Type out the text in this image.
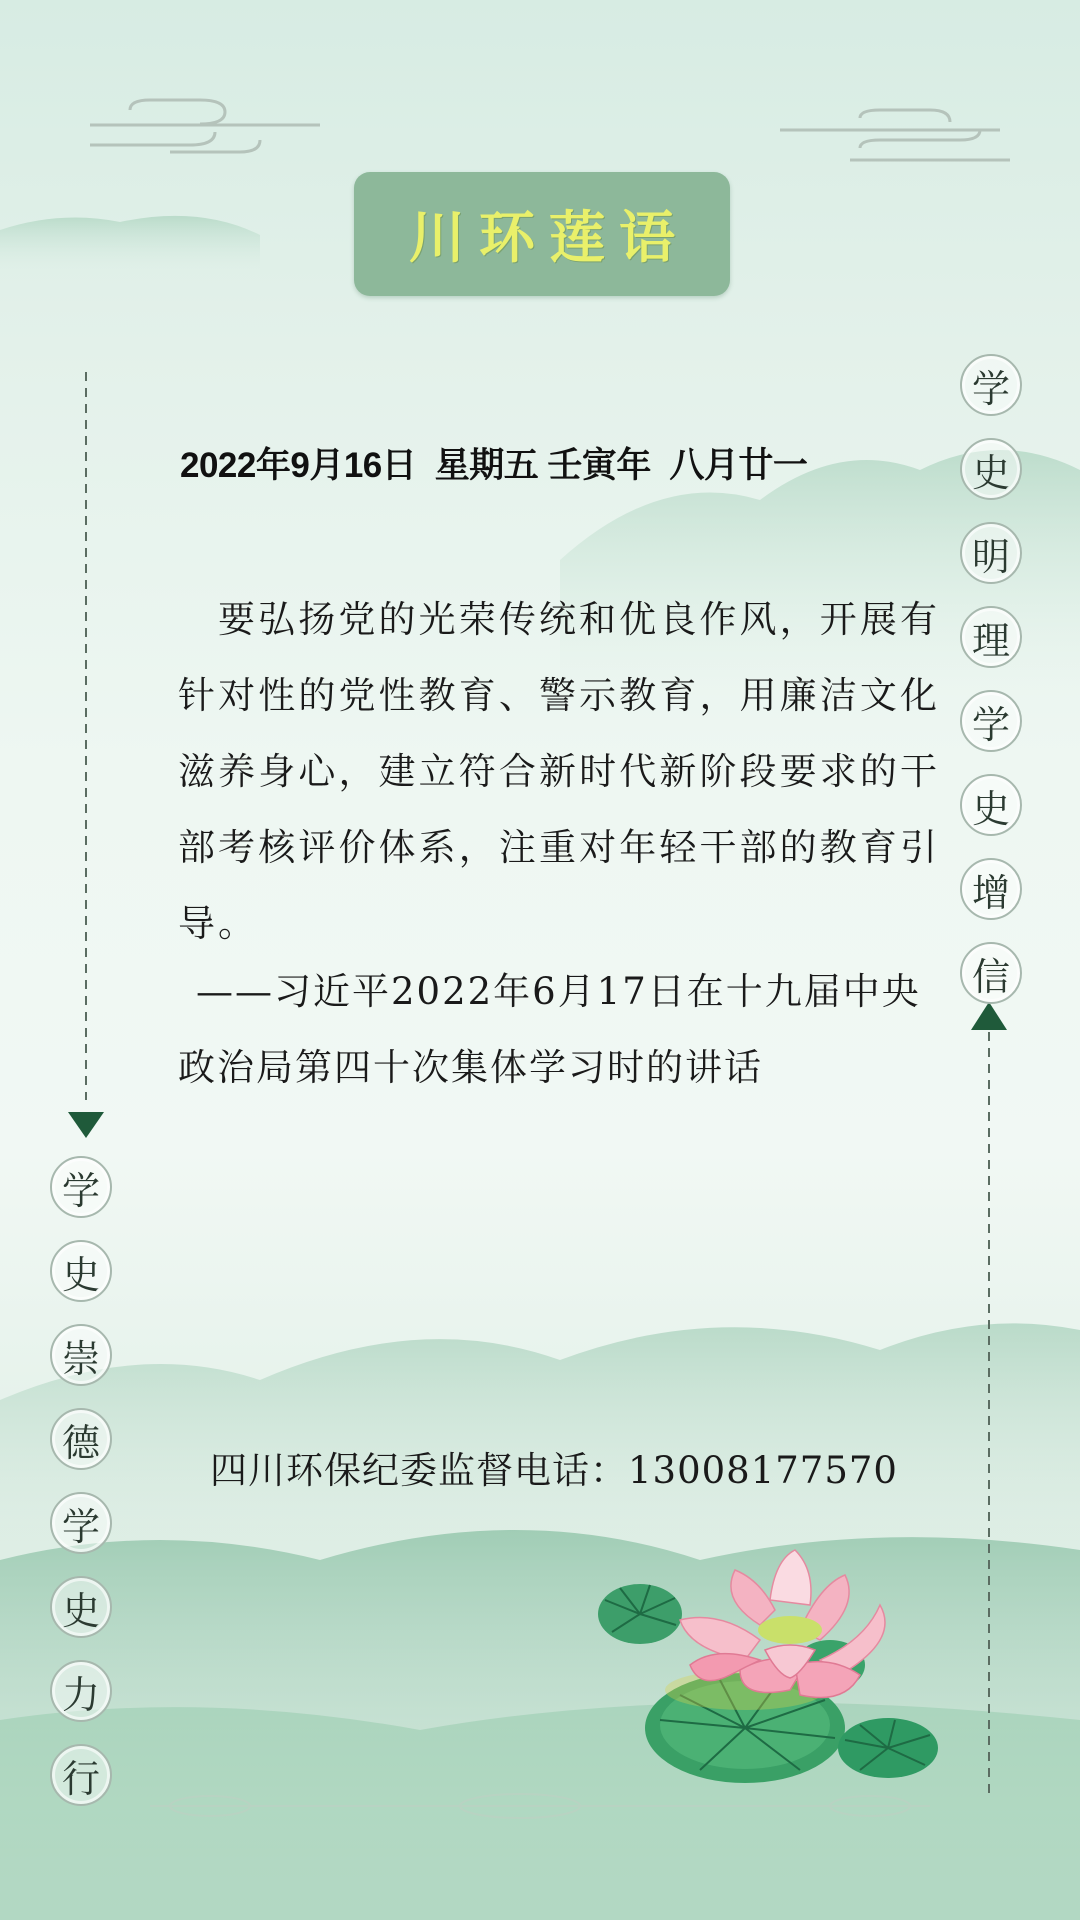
川环莲语
2022年9月16日  星期五 壬寅年  八月廿一
要弘扬党的光荣传统和优良作风，开展有针对性的党性教育、警示教育，用廉洁文化滋养身心，建立符合新时代新阶段要求的干部考核评价体系，注重对年轻干部的教育引导。
——习近平2022年6月17日在十九届中央政治局第四十次集体学习时的讲话
四川环保纪委监督电话：13008177570
学
史
崇
德
学
史
力
行
学
史
明
理
学
史
增
信
